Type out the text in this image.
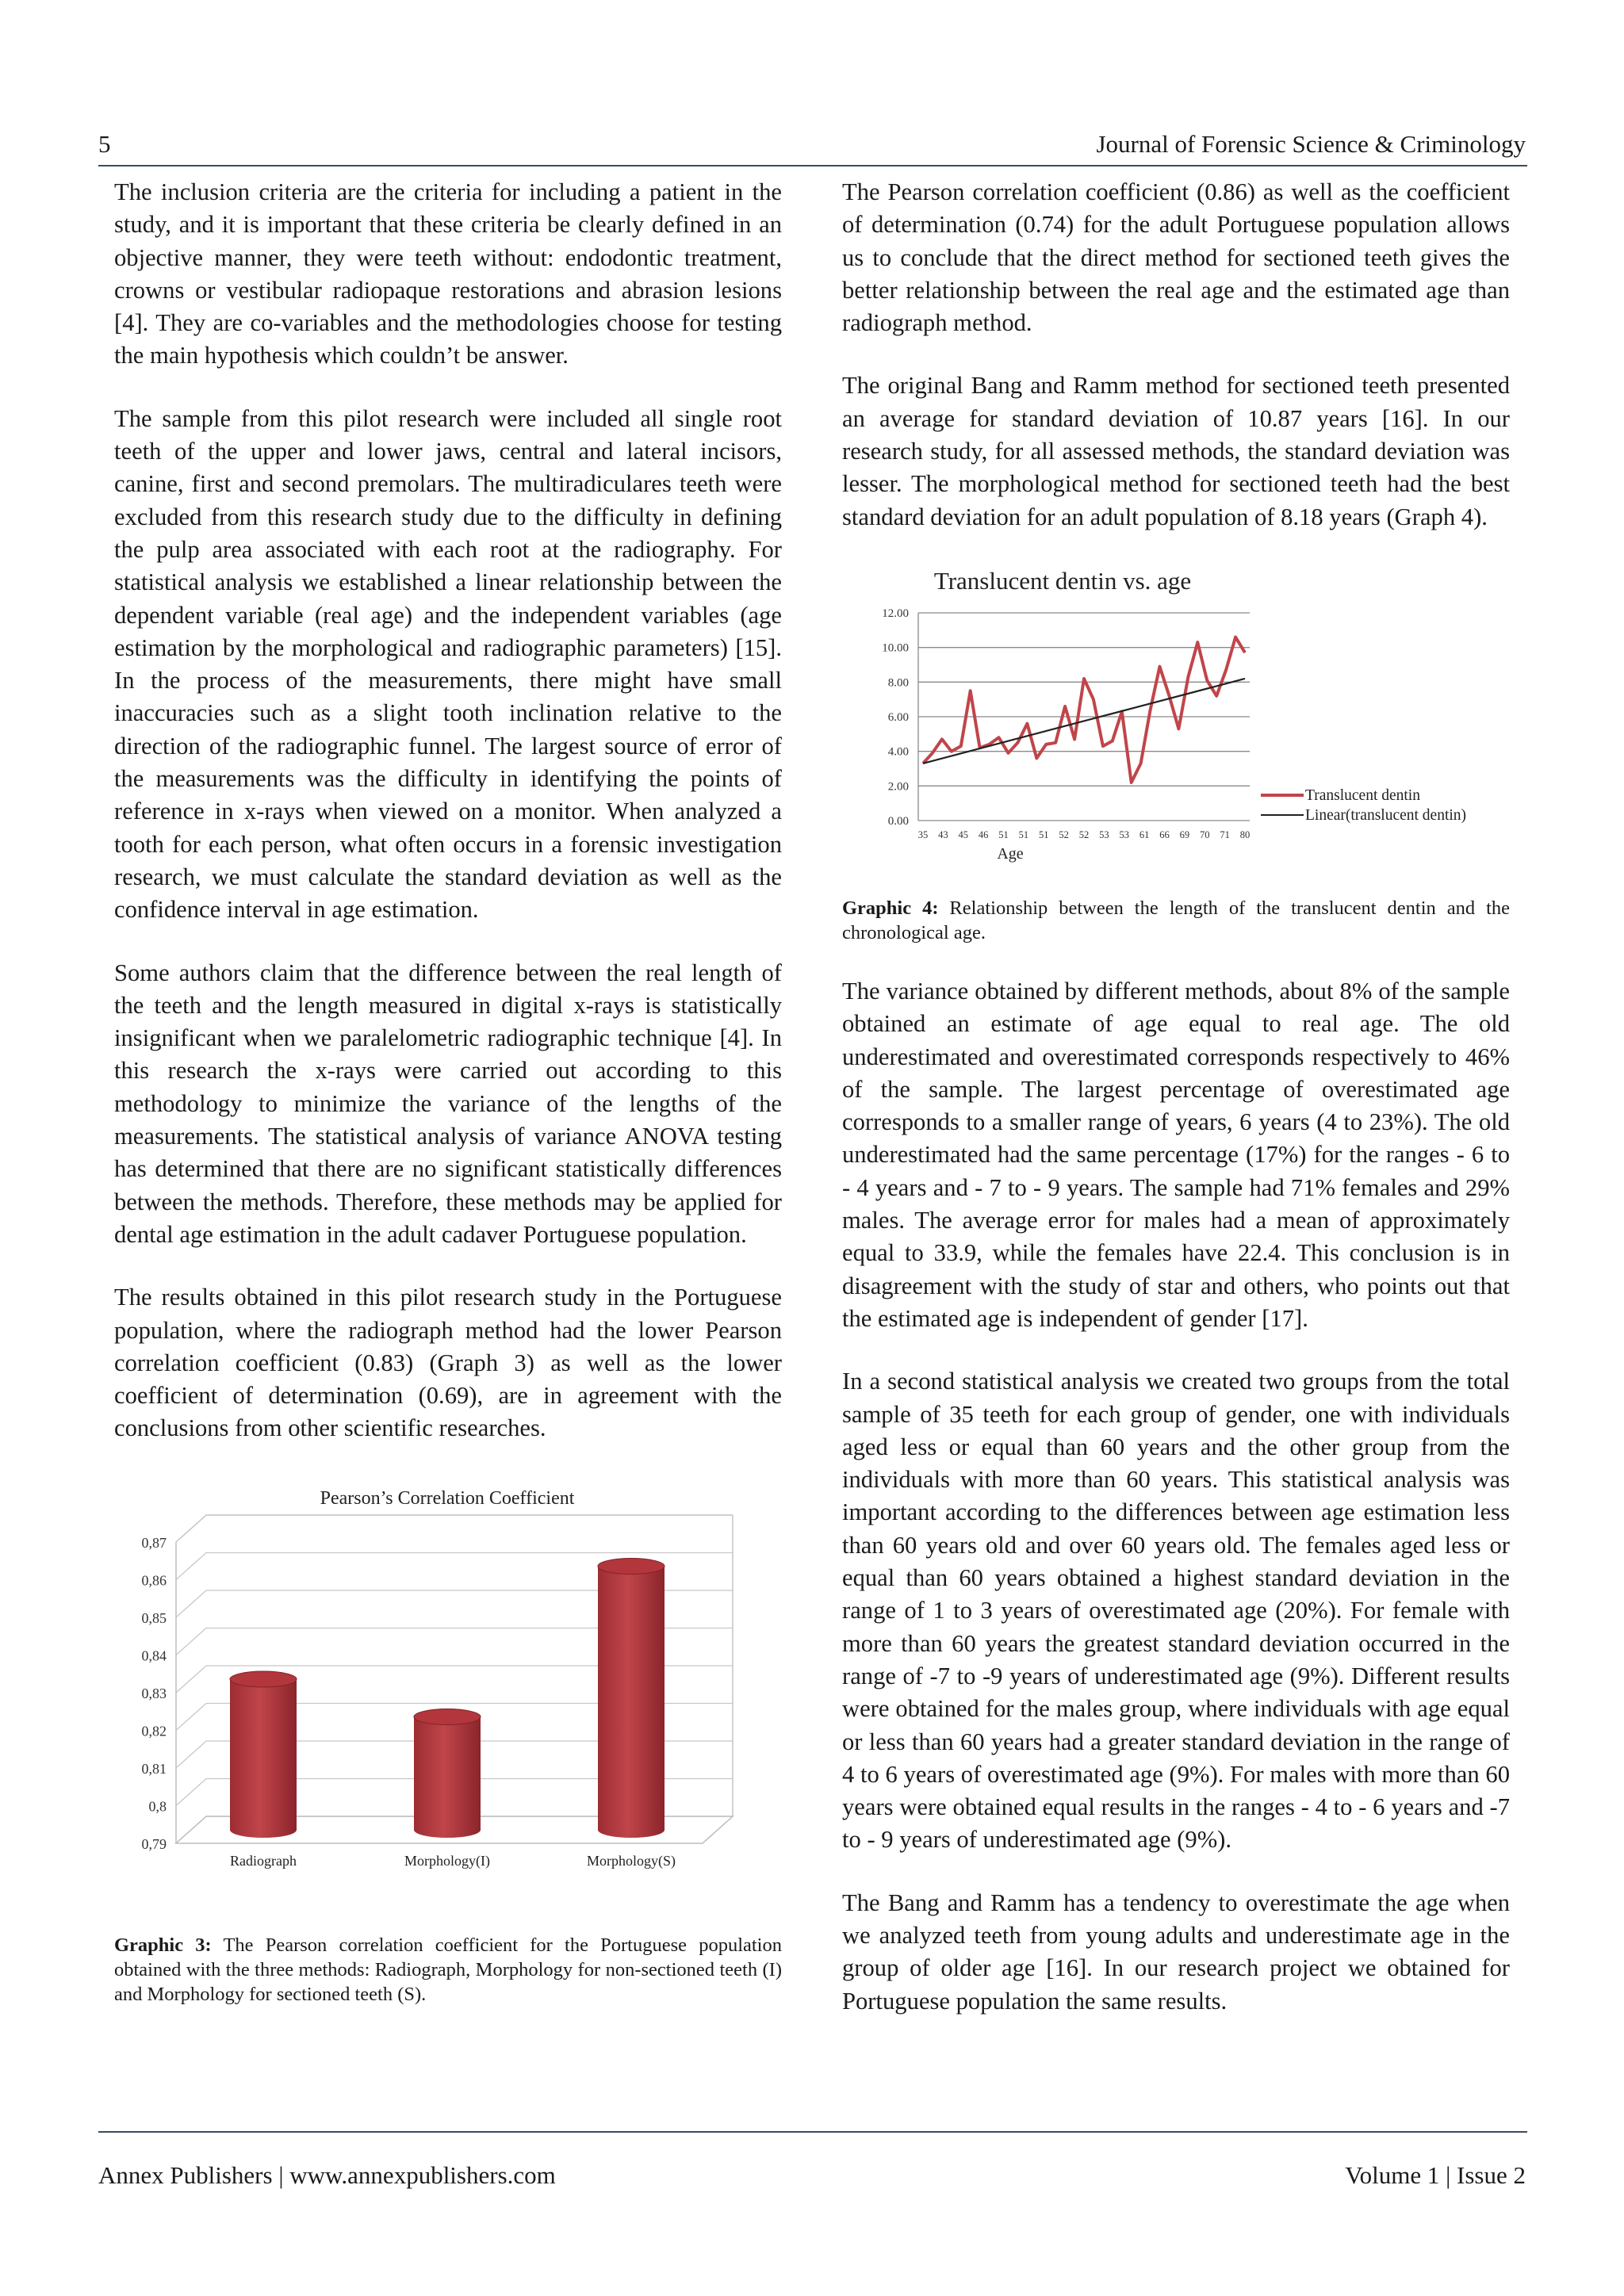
5	Journal of Forensic Science & Criminology

The inclusion criteria are the criteria for including a patient in the study, and it is important that these criteria be clearly defined in an objective manner, they were teeth without: endodontic treatment, crowns or vestibular radiopaque restorations and abrasion lesions [4]. They are co-variables and the methodologies choose for testing the main hypothesis which couldn’t be answer.

The sample from this pilot research were included all single root teeth of the upper and lower jaws, central and lateral incisors, canine, first and second premolars. The multiradiculares teeth were excluded from this research study due to the difficulty in defining the pulp area associated with each root at the radiography. For statistical analysis we established a linear relationship between the dependent variable (real age) and the independent variables (age estimation by the morphological and radiographic parameters) [15]. In the process of the measurements, there might have small inaccuracies such as a slight tooth inclination relative to the direction of the radiographic funnel. The largest source of error of the measurements was the difficulty in identifying the points of reference in x-rays when viewed on a monitor. When analyzed a tooth for each person, what often occurs in a forensic investigation research, we must calculate the standard deviation as well as the confidence interval in age estimation.

Some authors claim that the difference between the real length of the teeth and the length measured in digital x-rays is statistically insignificant when we paralelometric radiographic technique [4]. In this research the x-rays were carried out according to this methodology to minimize the variance of the lengths of the measurements. The statistical analysis of variance ANOVA testing has determined that there are no significant statistically differences between the methods. Therefore, these methods may be applied for dental age estimation in the adult cadaver Portuguese population.

The results obtained in this pilot research study in the Portuguese population, where the radiograph method had the lower Pearson correlation coefficient (0.83) (Graph 3) as well as the lower coefficient of determination (0.69), are in agreement with the conclusions from other scientific researches.

Pearson’s Correlation Coefficient
0,79
0,8
0,81
0,82
0,83
0,84
0,85
0,86
0,87
Radiograph	Morphology(I)	Morphology(S)
Graphic 3: The Pearson correlation coefficient for the Portuguese population obtained with the three methods: Radiograph, Morphology for non-sectioned teeth (I) and Morphology for sectioned teeth (S).

The Pearson correlation coefficient (0.86) as well as the coefficient of determination (0.74) for the adult Portuguese population allows us to conclude that the direct method for sectioned teeth gives the better relationship between the real age and the estimated age than radiograph method.

The original Bang and Ramm method for sectioned teeth presented an average for standard deviation of 10.87 years [16]. In our research study, for all assessed methods, the standard deviation was lesser. The morphological method for sectioned teeth had the best standard deviation for an adult population of 8.18 years (Graph 4).

Translucent dentin vs. age
0.00
2.00
4.00
6.00
8.00
10.00
12.00
35 43 45 46 51 51 51 52 52 53 53 61 66 69 70 71 80
Age
Translucent dentin
Linear(translucent dentin)
Graphic 4: Relationship between the length of the translucent dentin and the chronological age.

The variance obtained by different methods, about 8% of the sample obtained an estimate of age equal to real age. The old underestimated and overestimated corresponds respectively to 46% of the sample. The largest percentage of overestimated age corresponds to a smaller range of years, 6 years (4 to 23%). The old underestimated had the same percentage (17%) for the ranges - 6 to - 4 years and - 7 to - 9 years. The sample had 71% females and 29% males. The average error for males had a mean of approximately equal to 33.9, while the females have 22.4. This conclusion is in disagreement with the study of star and others, who points out that the estimated age is independent of gender [17].

In a second statistical analysis we created two groups from the total sample of 35 teeth for each group of gender, one with individuals aged less or equal than 60 years and the other group from the individuals with more than 60 years. This statistical analysis was important according to the differences between age estimation less than 60 years old and over 60 years old. The females aged less or equal than 60 years obtained a highest standard deviation in the range of 1 to 3 years of overestimated age (20%). For female with more than 60 years the greatest standard deviation occurred in the range of -7 to -9 years of underestimated age (9%). Different results were obtained for the males group, where individuals with age equal or less than 60 years had a greater standard deviation in the range of 4 to 6 years of overestimated age (9%). For males with more than 60 years were obtained equal results in the ranges - 4 to - 6 years and -7 to - 9 years of underestimated age (9%).

The Bang and Ramm has a tendency to overestimate the age when we analyzed teeth from young adults and underestimate age in the group of older age [16]. In our research project we obtained for Portuguese population the same results.

Annex Publishers | www.annexpublishers.com	Volume 1 | Issue 2
